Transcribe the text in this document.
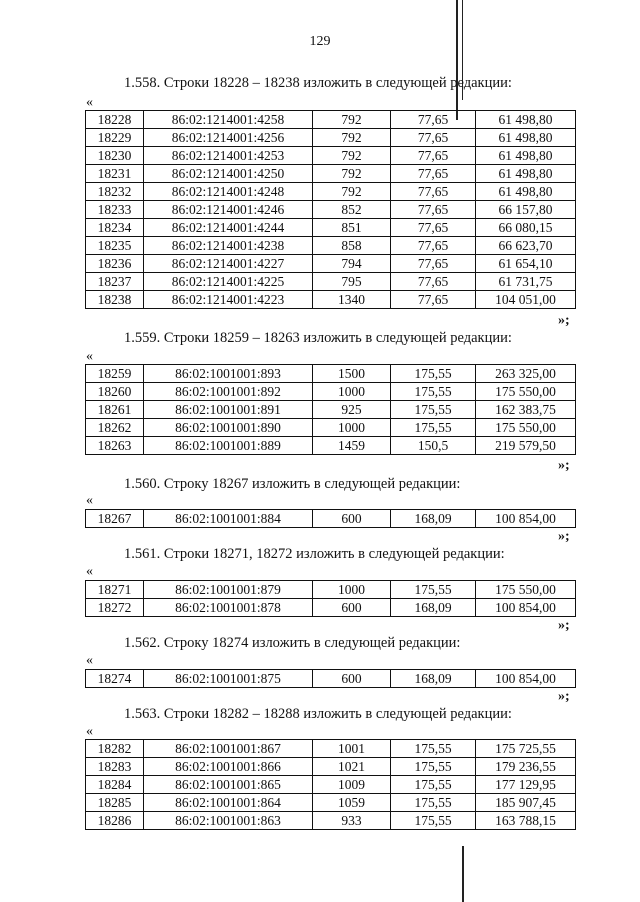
129
1.558. Строки 18228 – 18238 изложить в следующей редакции:
«
18228	86:02:1214001:4258	792	77,65	61 498,80
18229	86:02:1214001:4256	792	77,65	61 498,80
18230	86:02:1214001:4253	792	77,65	61 498,80
18231	86:02:1214001:4250	792	77,65	61 498,80
18232	86:02:1214001:4248	792	77,65	61 498,80
18233	86:02:1214001:4246	852	77,65	66 157,80
18234	86:02:1214001:4244	851	77,65	66 080,15
18235	86:02:1214001:4238	858	77,65	66 623,70
18236	86:02:1214001:4227	794	77,65	61 654,10
18237	86:02:1214001:4225	795	77,65	61 731,75
18238	86:02:1214001:4223	1340	77,65	104 051,00
»;
1.559. Строки 18259 – 18263 изложить в следующей редакции:
«
18259	86:02:1001001:893	1500	175,55	263 325,00
18260	86:02:1001001:892	1000	175,55	175 550,00
18261	86:02:1001001:891	925	175,55	162 383,75
18262	86:02:1001001:890	1000	175,55	175 550,00
18263	86:02:1001001:889	1459	150,5	219 579,50
»;
1.560. Строку 18267 изложить в следующей редакции:
«
18267	86:02:1001001:884	600	168,09	100 854,00
»;
1.561. Строки 18271, 18272 изложить в следующей редакции:
«
18271	86:02:1001001:879	1000	175,55	175 550,00
18272	86:02:1001001:878	600	168,09	100 854,00
»;
1.562. Строку 18274 изложить в следующей редакции:
«
18274	86:02:1001001:875	600	168,09	100 854,00
»;
1.563. Строки 18282 – 18288 изложить в следующей редакции:
«
18282	86:02:1001001:867	1001	175,55	175 725,55
18283	86:02:1001001:866	1021	175,55	179 236,55
18284	86:02:1001001:865	1009	175,55	177 129,95
18285	86:02:1001001:864	1059	175,55	185 907,45
18286	86:02:1001001:863	933	175,55	163 788,15
